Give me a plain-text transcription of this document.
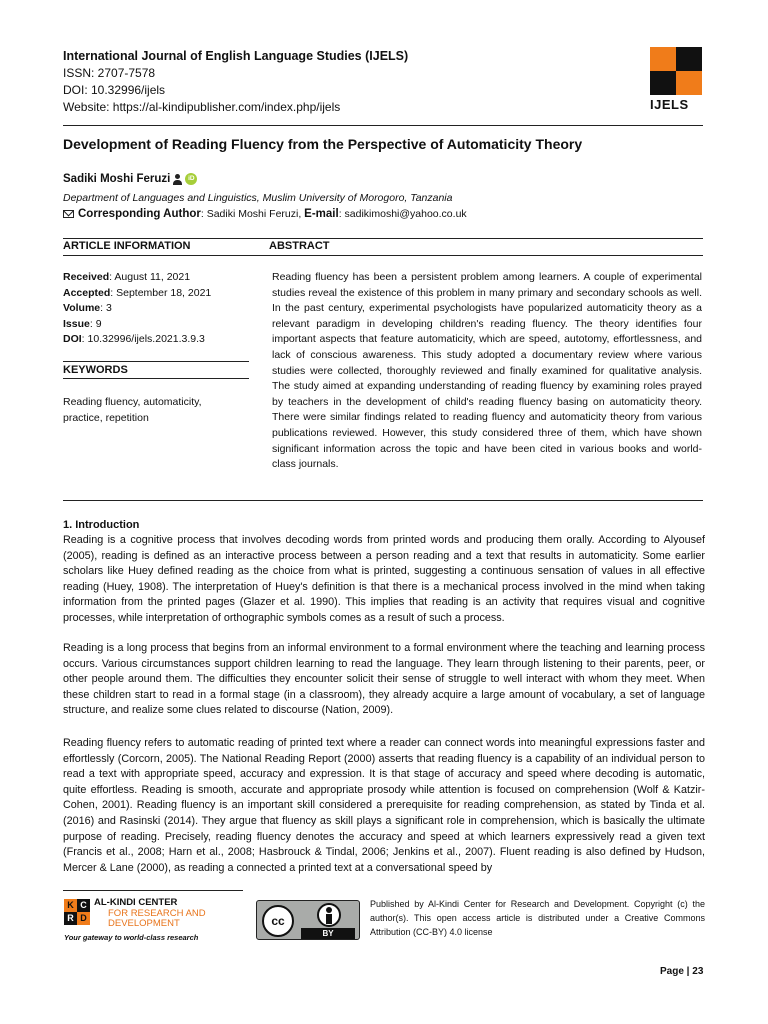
International Journal of English Language Studies (IJELS)
ISSN: 2707-7578
DOI: 10.32996/ijels
Website: https://al-kindipublisher.com/index.php/ijels	IJELS
Development of Reading Fluency from the Perspective of Automaticity Theory
Sadiki Moshi Feruzi	iD
Department of Languages and Linguistics, Muslim University of Morogoro, Tanzania
Corresponding Author: Sadiki Moshi Feruzi, E-mail: sadikimoshi@yahoo.co.uk
ARTICLE INFORMATION	ABSTRACT
Received: August 11, 2021
Accepted: September 18, 2021
Volume: 3
Issue: 9
DOI: 10.32996/ijels.2021.3.9.3
KEYWORDS
Reading fluency, automaticity, practice, repetition
Reading fluency has been a persistent problem among learners. A couple of experimental studies reveal the existence of this problem in many primary and secondary schools as well. In the past century, experimental psychologists have popularized automaticity theory as a relevant paradigm in developing children's reading fluency. The theory identifies four important aspects that feature automaticity, which are speed, autotomy, effortlessness, and lack of conscious awareness. This study adopted a documentary review where various studies were collected, thoroughly reviewed and finally examined for qualitative analysis. The study aimed at expanding understanding of reading fluency by examining roles prayed by teachers in the development of child's reading fluency basing on automaticity theory. There were similar findings related to reading fluency and automaticity theory from various publications reviewed. However, this study considered three of them, which have shown significant information across the topic and have been cited in various books and world-class journals.
1. Introduction
Reading is a cognitive process that involves decoding words from printed words and producing them orally. According to Alyousef (2005), reading is defined as an interactive process between a person reading and a text that results in automaticity. Some earlier scholars like Huey defined reading as the choice from what is printed, suggesting a continuous sensation of values in all effective reading (Huey, 1908). The interpretation of Huey's definition is that there is a mechanical process involved in the mind when taking information from the printed pages (Glazer et al. 1990). This implies that reading is an activity that requires visual and cognitive processes, while interpretation of orthographic symbols comes as a result of such a process.
Reading is a long process that begins from an informal environment to a formal environment where the teaching and learning process occurs. Various circumstances support children learning to read the language. They learn through listening to their parents, peer, or other people around them. The difficulties they encounter solicit their sense of struggle to well interact with whom they meet. When these children start to read in a formal stage (in a classroom), they already acquire a large amount of vocabulary, a set of language structure, and realize some clues related to discourse (Nation, 2009).
Reading fluency refers to automatic reading of printed text where a reader can connect words into meaningful expressions faster and effortlessly (Corcorn, 2005). The National Reading Report (2000) asserts that reading fluency is a capability of an individual person to read a text with appropriate speed, accuracy and expression. It is that stage of accuracy and speed where decoding is automatic, quite effortless. Reading is smooth, accurate and appropriate prosody while attention is focused on comprehension (Wolf & Katzir-Cohen, 2001). Reading fluency is an important skill considered a prerequisite for reading comprehension, as stated by Tinda et al. (2016) and Rasinski (2014). They argue that fluency as skill plays a significant role in comprehension, which is basically the ultimate purpose of reading. Precisely, reading fluency denotes the accuracy and speed at which learners expressively read a given text (Francis et al., 2008; Harn et al., 2008; Hasbrouck & Tindal, 2006; Jenkins et al., 2007). Fluent reading is also defined by Hudson, Mercer & Lane (2000), as reading a connected a printed text at a conversational speed by
K C
R D
AL-KINDI CENTER
FOR RESEARCH AND DEVELOPMENT
Your gateway to world-class research
cc
BY
Published by Al-Kindi Center for Research and Development. Copyright (c) the author(s). This open access article is distributed under a Creative Commons Attribution (CC-BY) 4.0 license
Page | 23
